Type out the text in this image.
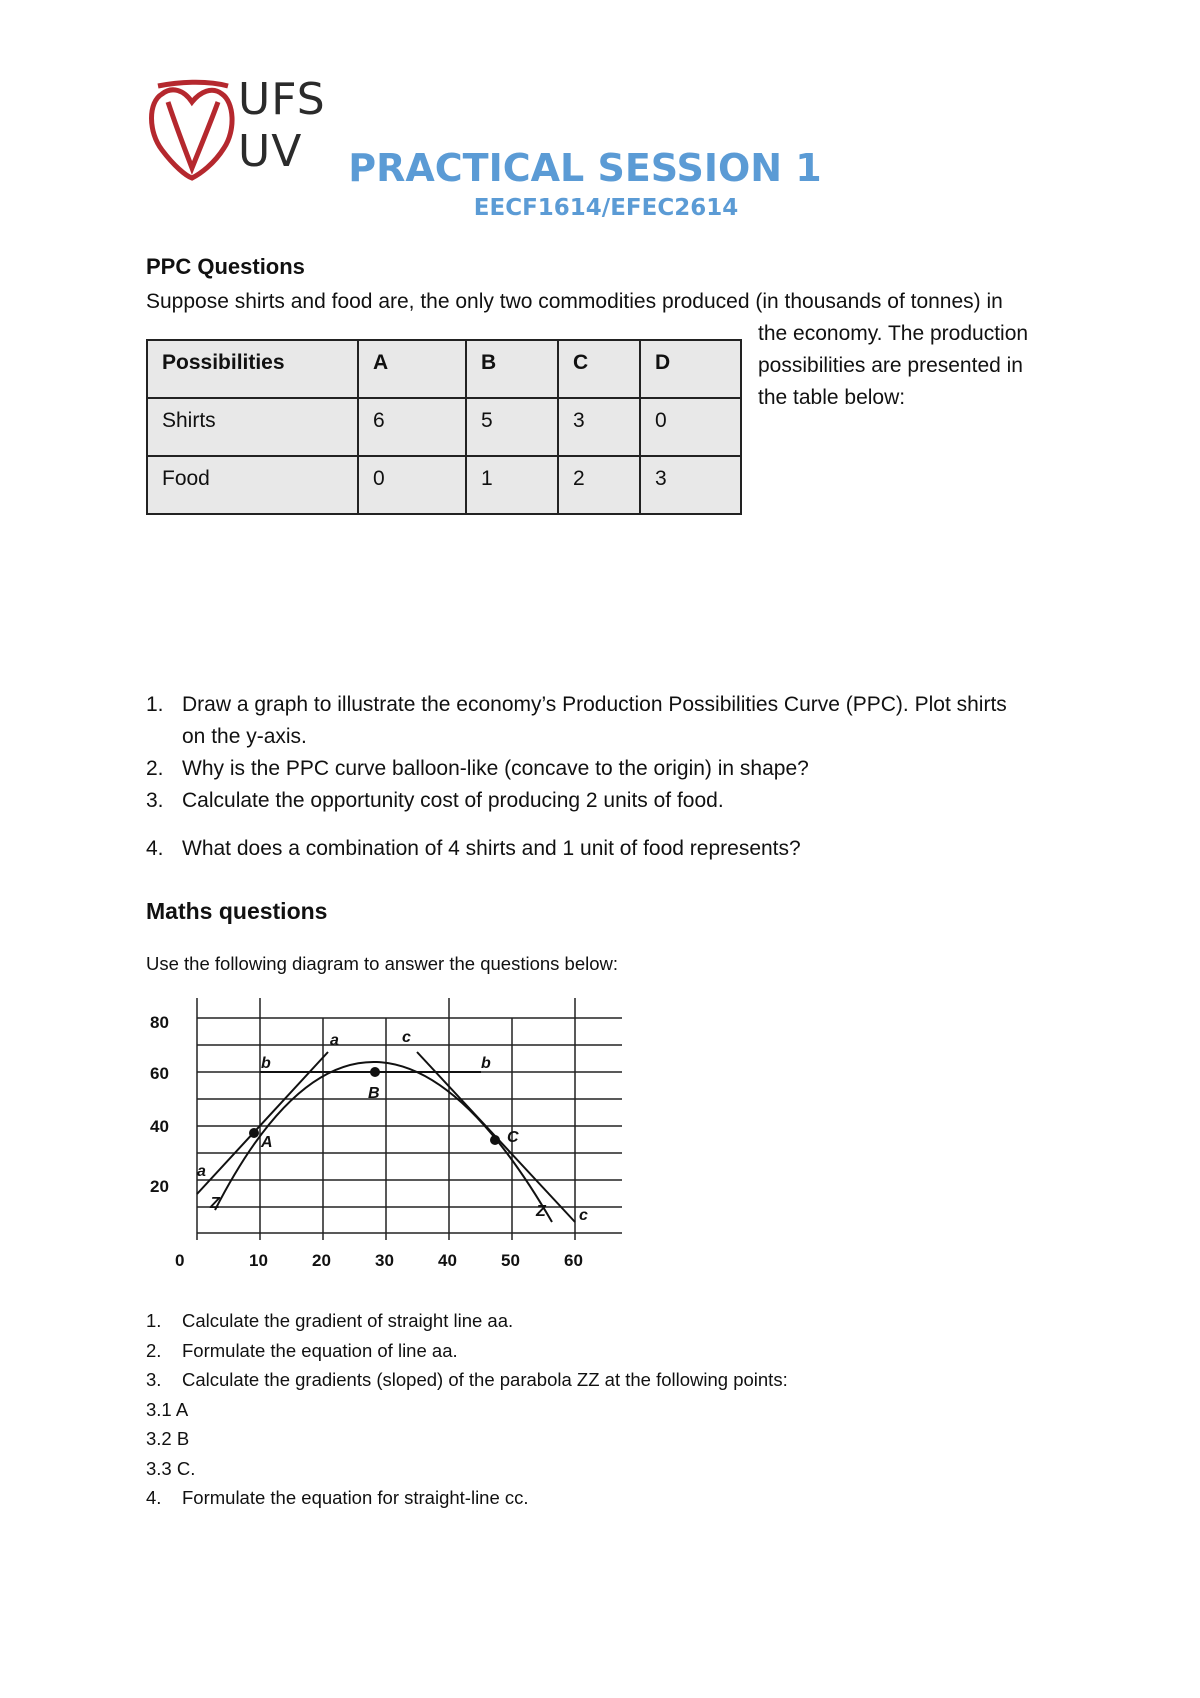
UFS
UV	PRACTICAL SESSION 1
EECF1614/EFEC2614
PPC Questions
Suppose shirts and food are, the only two commodities produced (in thousands of tonnes) in
the economy. The production
possibilities are presented in
the table below:
Possibilities	A	B	C	D
Shirts	6	5	3	0
Food	0	1	2	3
1. Draw a graph to illustrate the economy’s Production Possibilities Curve (PPC). Plot shirts
on the y-axis.
2. Why is the PPC curve balloon-like (concave to the origin) in shape?
3. Calculate the opportunity cost of producing 2 units of food.
4. What does a combination of 4 shirts and 1 unit of food represents?
Maths questions
Use the following diagram to answer the questions below:
80
60
40
20
0	10	20	30	40	50	60
a
a
b	b
c
c
Z	Z
A
B
C
1. Calculate the gradient of straight line aa.
2. Formulate the equation of line aa.
3. Calculate the gradients (sloped) of the parabola ZZ at the following points:
3.1 A
3.2 B
3.3 C.
4. Formulate the equation for straight-line cc.
